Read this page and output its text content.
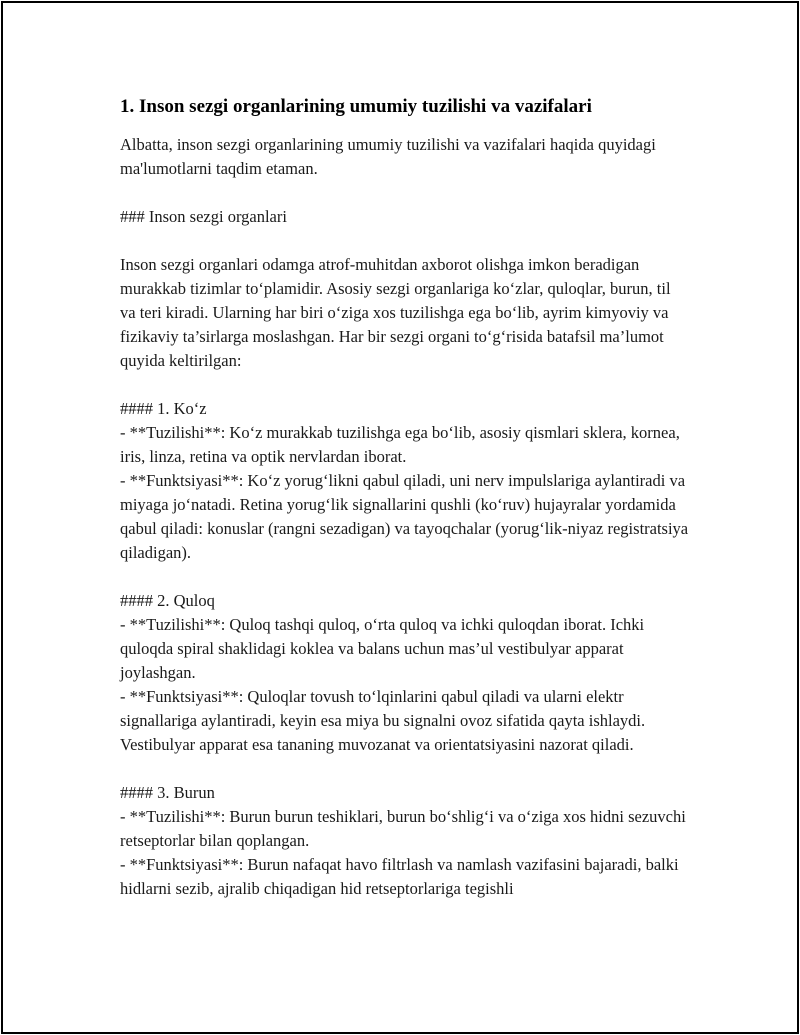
1. Inson sezgi organlarining umumiy tuzilishi va vazifalari

Albatta, inson sezgi organlarining umumiy tuzilishi va vazifalari haqida quyidagi ma'lumotlarni taqdim etaman.

### Inson sezgi organlari

Inson sezgi organlari odamga atrof-muhitdan axborot olishga imkon beradigan murakkab tizimlar to‘plamidir. Asosiy sezgi organlariga ko‘zlar, quloqlar, burun, til va teri kiradi. Ularning har biri o‘ziga xos tuzilishga ega bo‘lib, ayrim kimyoviy va fizikaviy ta’sirlarga moslashgan. Har bir sezgi organi to‘g‘risida batafsil ma’lumot quyida keltirilgan:

#### 1. Ko‘z

- **Tuzilishi**: Ko‘z murakkab tuzilishga ega bo‘lib, asosiy qismlari sklera, kornea, iris, linza, retina va optik nervlardan iborat.

- **Funktsiyasi**: Ko‘z yorug‘likni qabul qiladi, uni nerv impulslariga aylantiradi va miyaga jo‘natadi. Retina yorug‘lik signallarini qushli (ko‘ruv) hujayralar yordamida qabul qiladi: konuslar (rangni sezadigan) va tayoqchalar (yorug‘lik-niyaz registratsiya qiladigan).

#### 2. Quloq

- **Tuzilishi**: Quloq tashqi quloq, o‘rta quloq va ichki quloqdan iborat. Ichki quloqda spiral shaklidagi koklea va balans uchun mas’ul vestibulyar apparat joylashgan.

- **Funktsiyasi**: Quloqlar tovush to‘lqinlarini qabul qiladi va ularni elektr signallariga aylantiradi, keyin esa miya bu signalni ovoz sifatida qayta ishlaydi. Vestibulyar apparat esa tananing muvozanat va orientatsiyasini nazorat qiladi.

#### 3. Burun

- **Tuzilishi**: Burun burun teshiklari, burun bo‘shlig‘i va o‘ziga xos hidni sezuvchi retseptorlar bilan qoplangan.

- **Funktsiyasi**: Burun nafaqat havo filtrlash va namlash vazifasini bajaradi, balki hidlarni sezib, ajralib chiqadigan hid retseptorlariga tegishli
